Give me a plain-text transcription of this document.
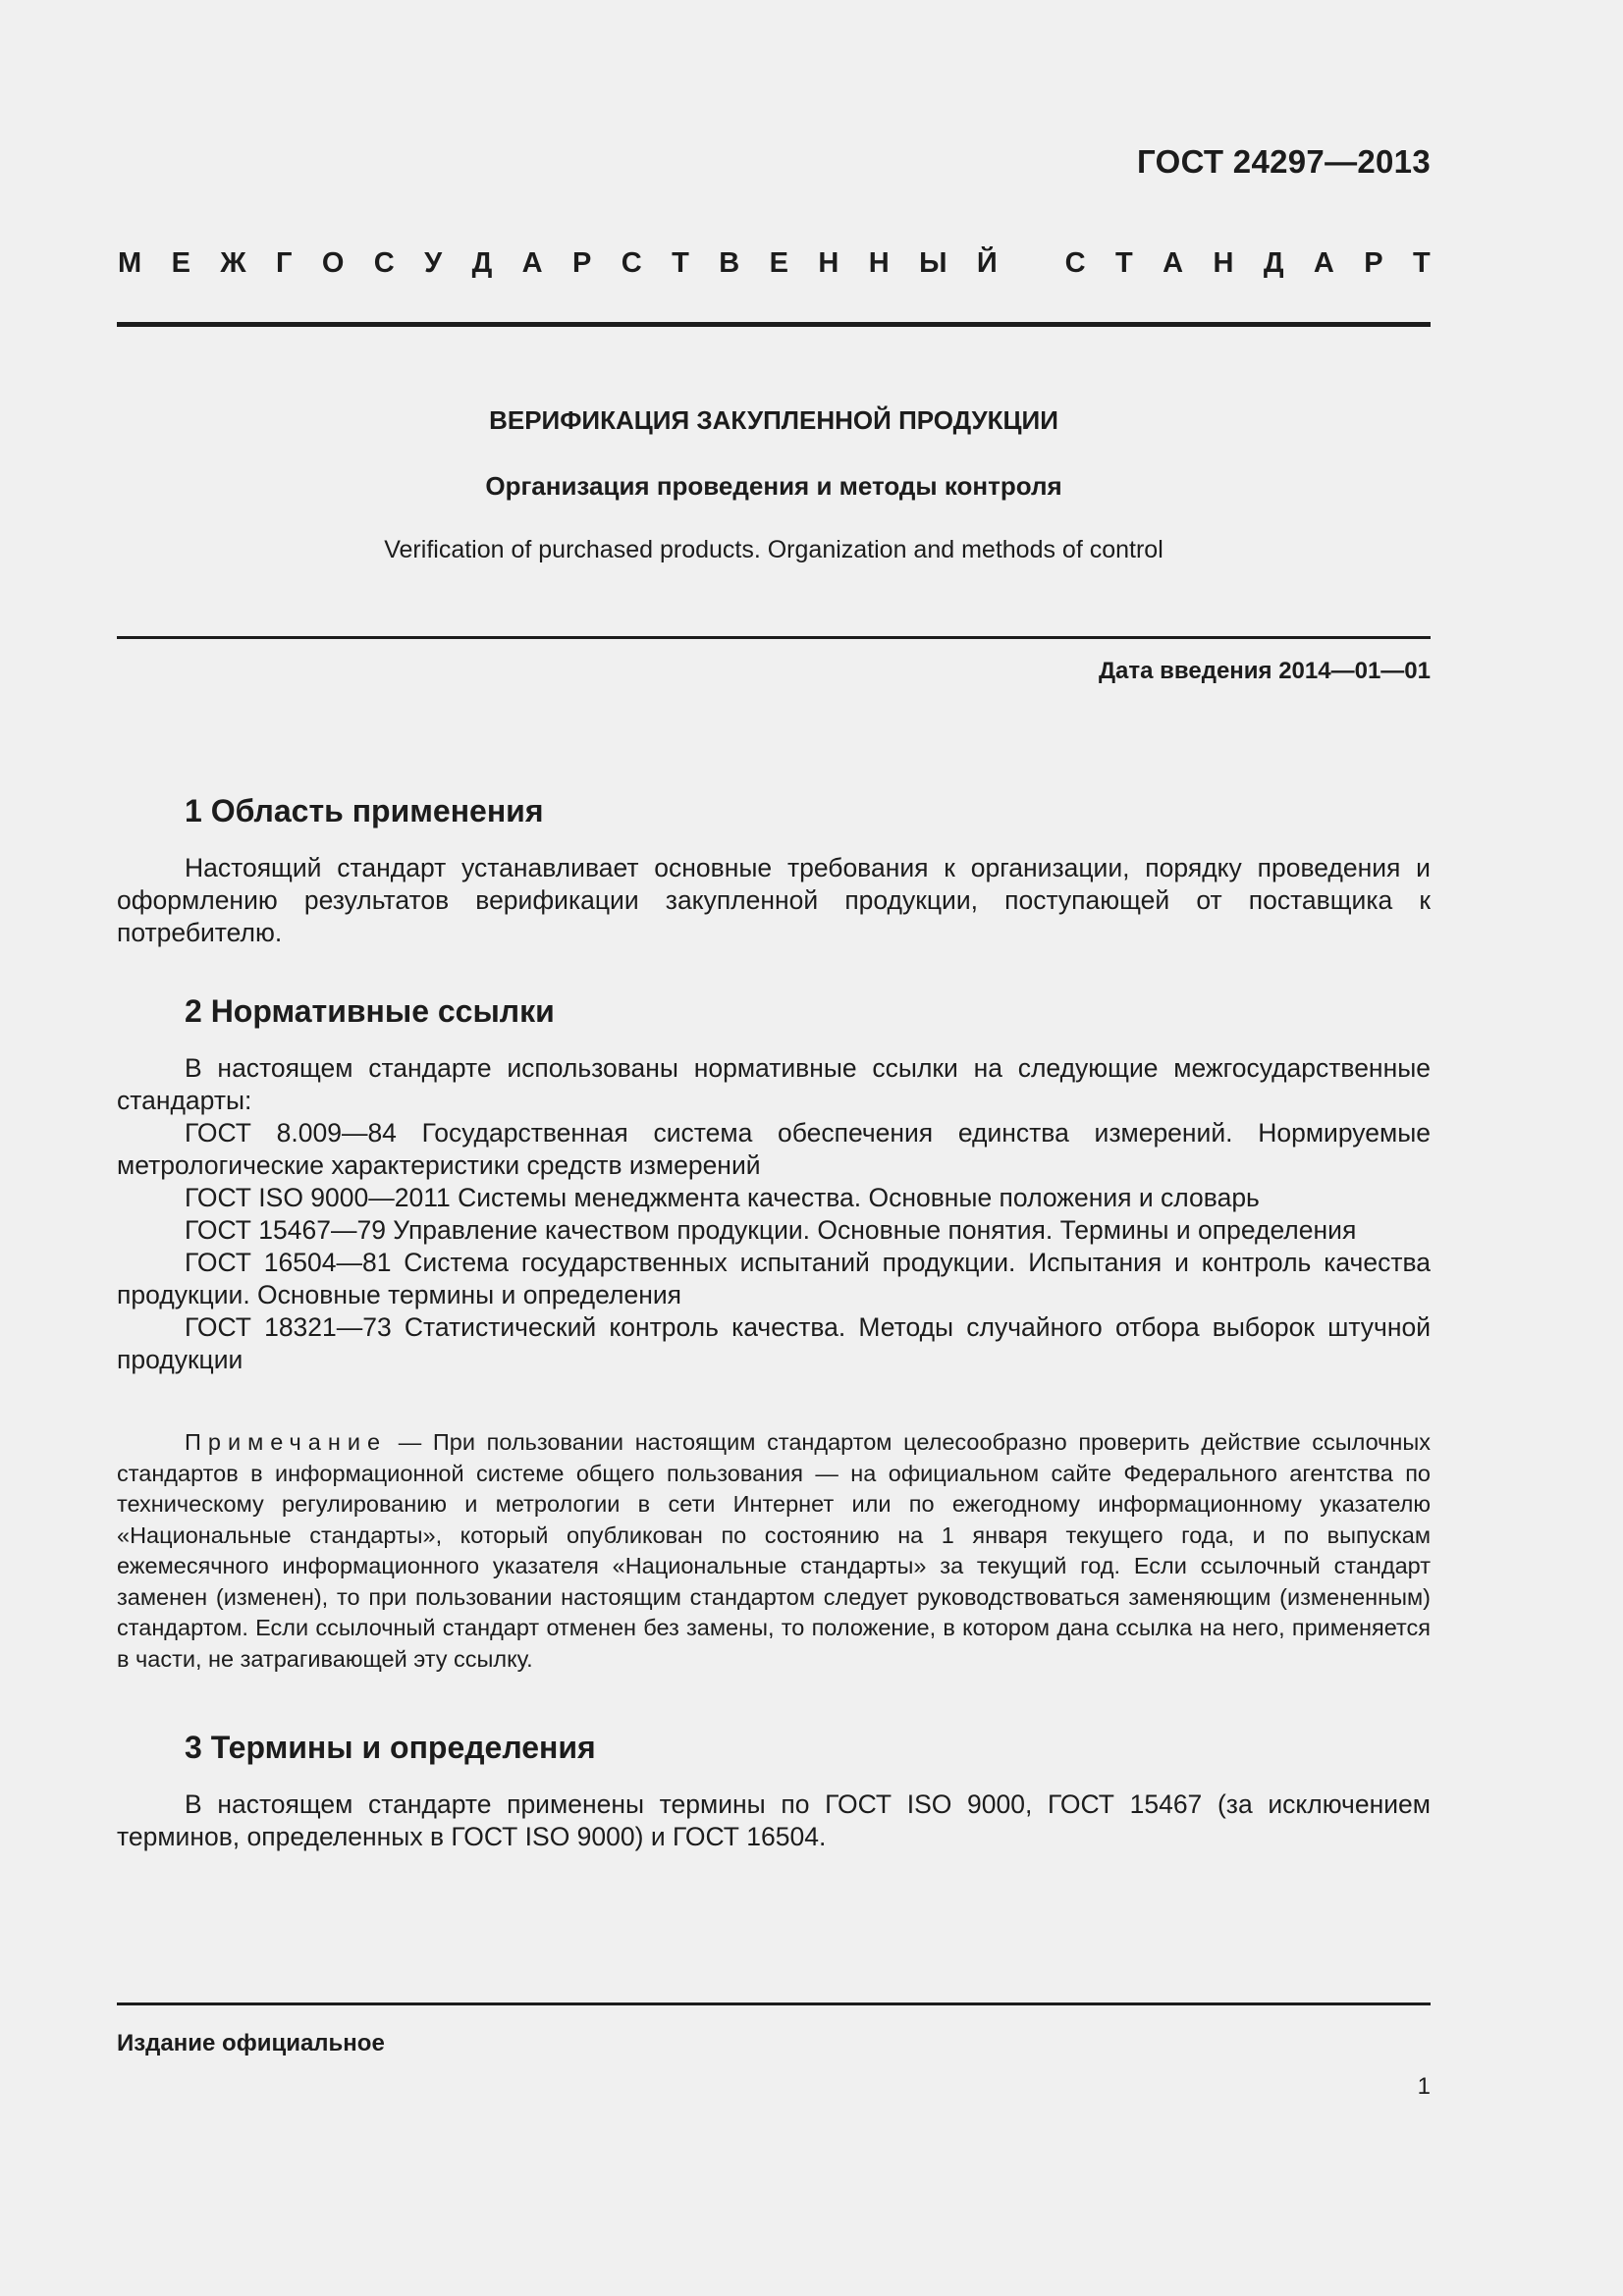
ГОСТ 24297—2013
М Е Ж Г О С У Д А Р С Т В Е Н Н Ы Й
С Т А Н Д А Р Т
ВЕРИФИКАЦИЯ ЗАКУПЛЕННОЙ ПРОДУКЦИИ
Организация проведения и методы контроля
Verification of purchased products. Organization and methods of control
Дата введения 2014—01—01
1 Область применения

Настоящий стандарт устанавливает основные требования к организации, порядку проведения и оформлению результатов верификации закупленной продукции, поступающей от поставщика к потребителю.

2 Нормативные ссылки

В настоящем стандарте использованы нормативные ссылки на следующие межгосударственные стандарты:

ГОСТ 8.009—84 Государственная система обеспечения единства измерений. Нормируемые метрологические характеристики средств измерений

ГОСТ ISO 9000—2011 Системы менеджмента качества. Основные положения и словарь

ГОСТ 15467—79 Управление качеством продукции. Основные понятия. Термины и определения

ГОСТ 16504—81 Система государственных испытаний продукции. Испытания и контроль качества продукции. Основные термины и определения

ГОСТ 18321—73 Статистический контроль качества. Методы случайного отбора выборок штучной продукции

Примечание — При пользовании настоящим стандартом целесообразно проверить действие ссылочных стандартов в информационной системе общего пользования — на официальном сайте Федерального агентства по техническому регулированию и метрологии в сети Интернет или по ежегодному информационному указателю «Национальные стандарты», который опубликован по состоянию на 1 января текущего года, и по выпускам ежемесячного информационного указателя «Национальные стандарты» за текущий год. Если ссылочный стандарт заменен (изменен), то при пользовании настоящим стандартом следует руководствоваться заменяющим (измененным) стандартом. Если ссылочный стандарт отменен без замены, то положение, в котором дана ссылка на него, применяется в части, не затрагивающей эту ссылку.

3 Термины и определения

В настоящем стандарте применены термины по ГОСТ ISO 9000, ГОСТ 15467 (за исключением терминов, определенных в ГОСТ ISO 9000) и ГОСТ 16504.

Издание официальное
1
